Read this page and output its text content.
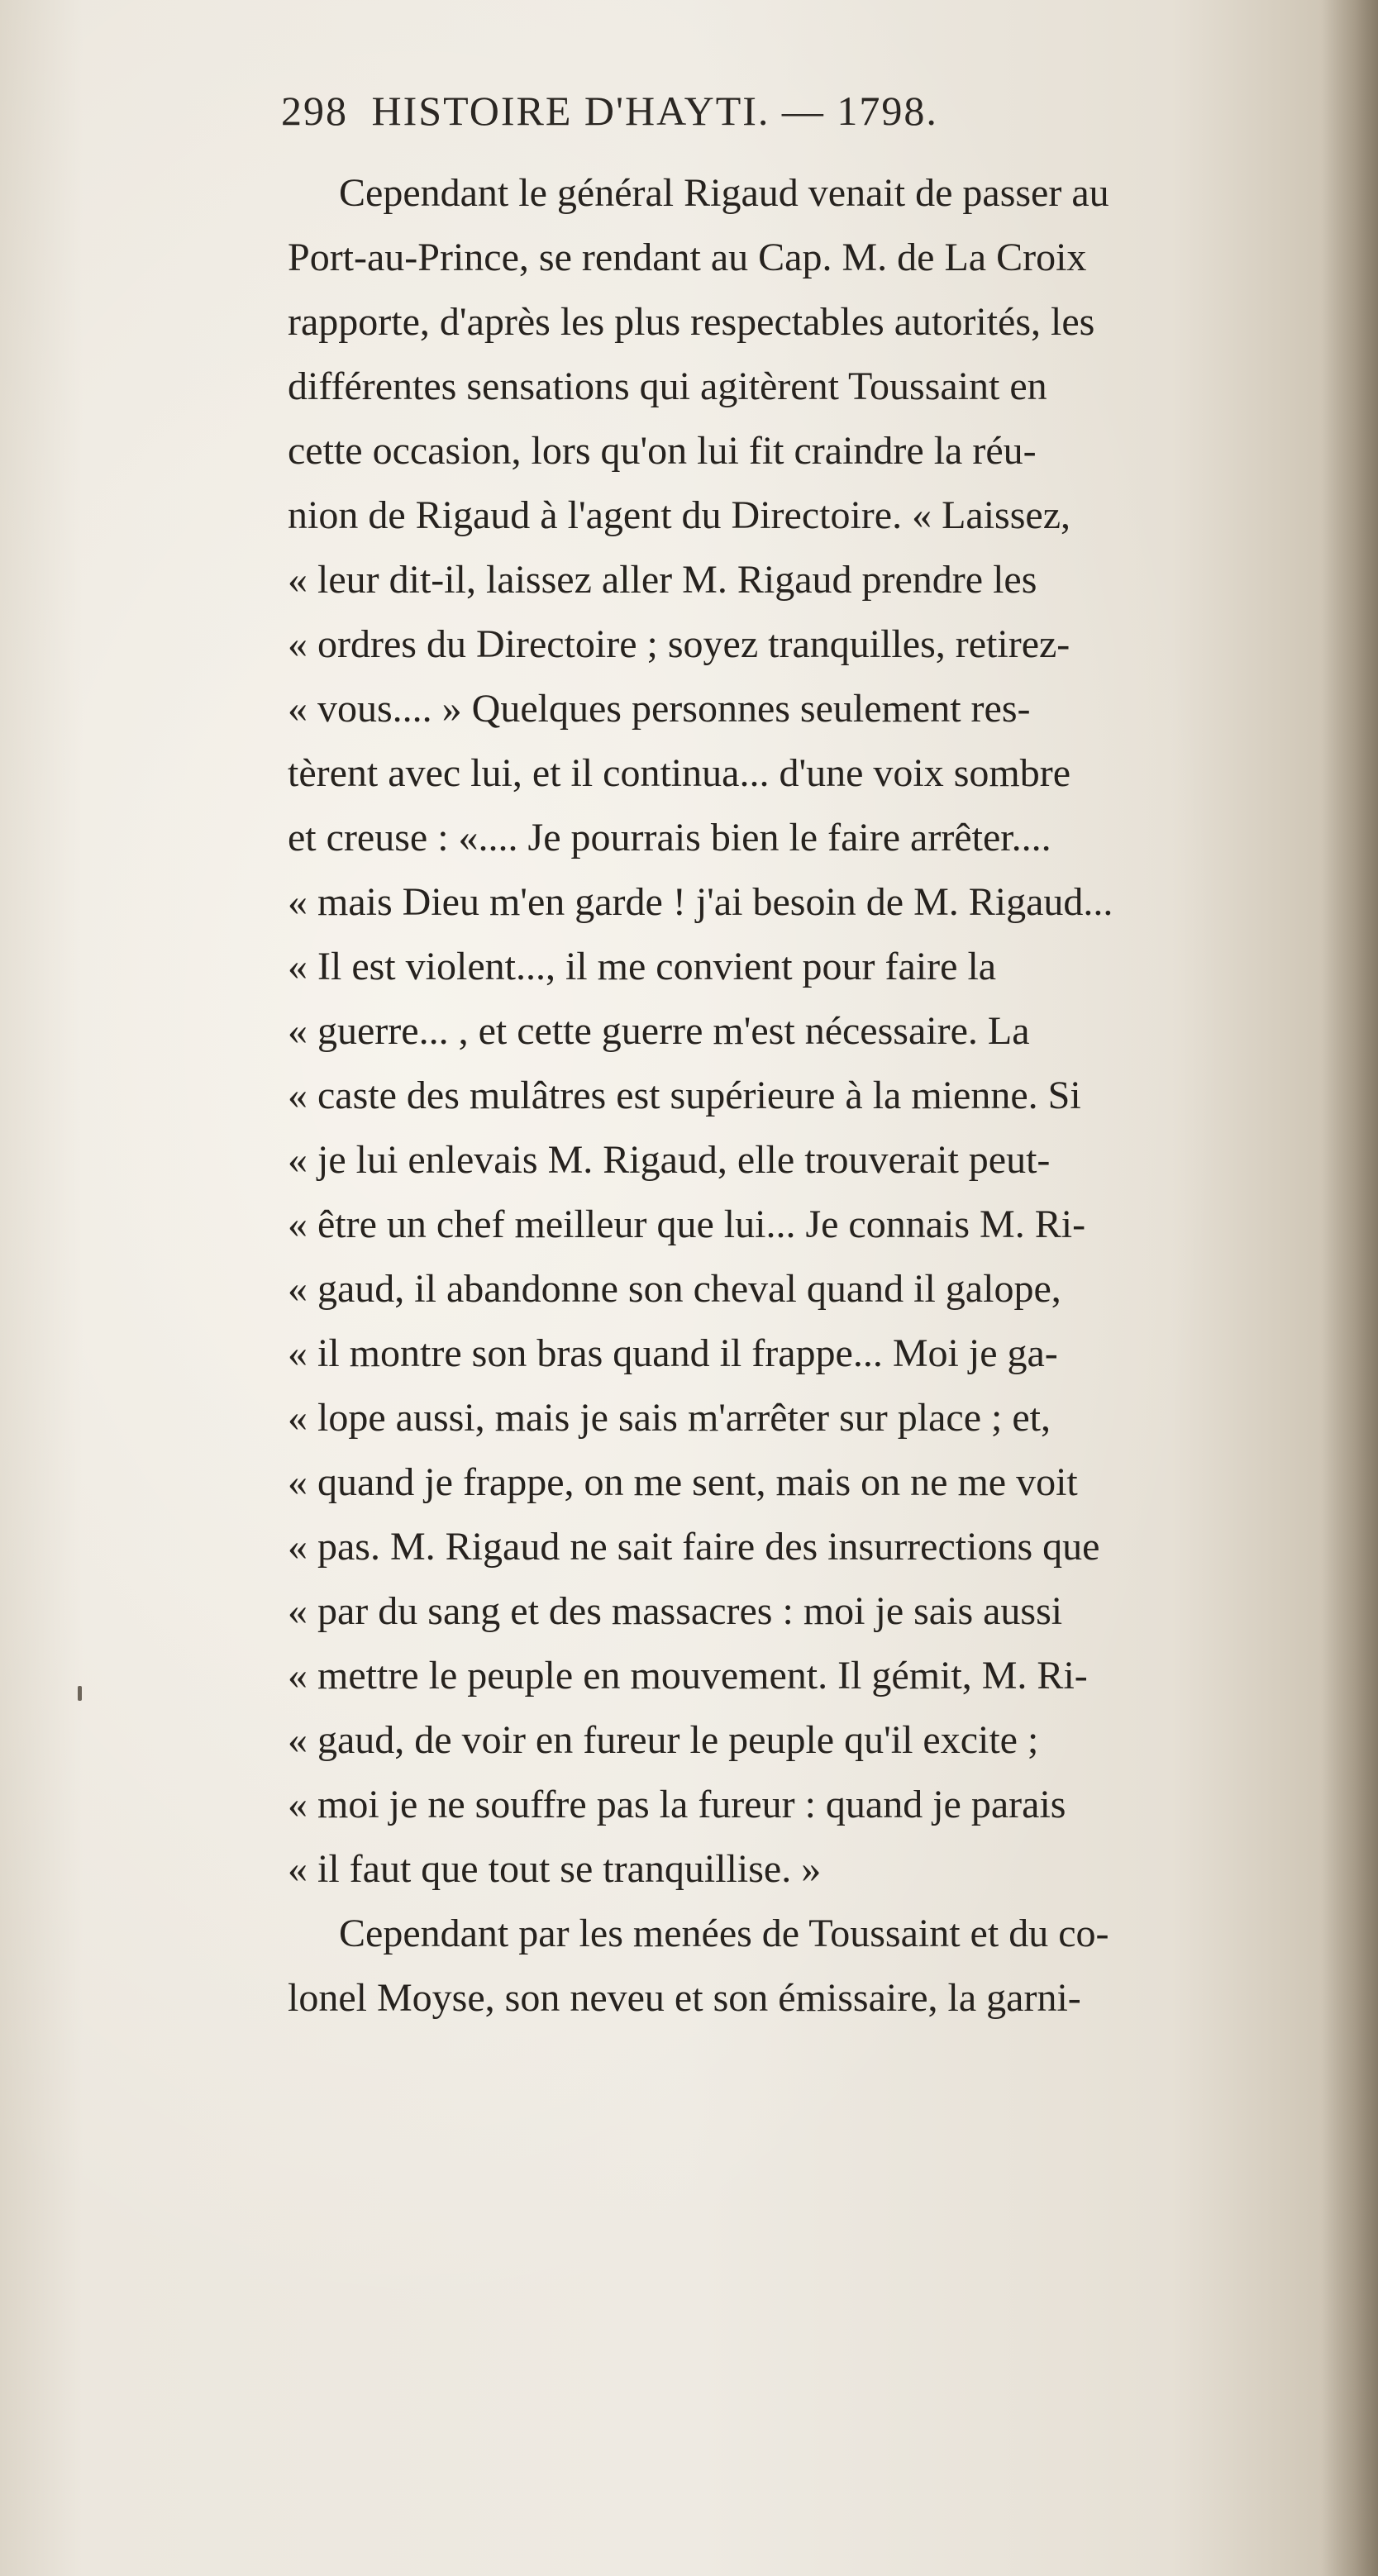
298 HISTOIRE D'HAYTI. — 1798.
Cependant le général Rigaud venait de passer au
Port-au-Prince, se rendant au Cap. M. de La Croix
rapporte, d'après les plus respectables autorités, les
différentes sensations qui agitèrent Toussaint en
cette occasion, lors qu'on lui fit craindre la réu-
nion de Rigaud à l'agent du Directoire. « Laissez,
« leur dit-il, laissez aller M. Rigaud prendre les
« ordres du Directoire ; soyez tranquilles, retirez-
« vous.... » Quelques personnes seulement res-
tèrent avec lui, et il continua... d'une voix sombre
et creuse : «.... Je pourrais bien le faire arrêter....
« mais Dieu m'en garde ! j'ai besoin de M. Rigaud...
« Il est violent..., il me convient pour faire la
« guerre... , et cette guerre m'est nécessaire. La
« caste des mulâtres est supérieure à la mienne. Si
« je lui enlevais M. Rigaud, elle trouverait peut-
« être un chef meilleur que lui... Je connais M. Ri-
« gaud, il abandonne son cheval quand il galope,
« il montre son bras quand il frappe... Moi je ga-
« lope aussi, mais je sais m'arrêter sur place ; et,
« quand je frappe, on me sent, mais on ne me voit
« pas. M. Rigaud ne sait faire des insurrections que
« par du sang et des massacres : moi je sais aussi
« mettre le peuple en mouvement. Il gémit, M. Ri-
« gaud, de voir en fureur le peuple qu'il excite ;
« moi je ne souffre pas la fureur : quand je parais
« il faut que tout se tranquillise. »
Cependant par les menées de Toussaint et du co-
lonel Moyse, son neveu et son émissaire, la garni-
